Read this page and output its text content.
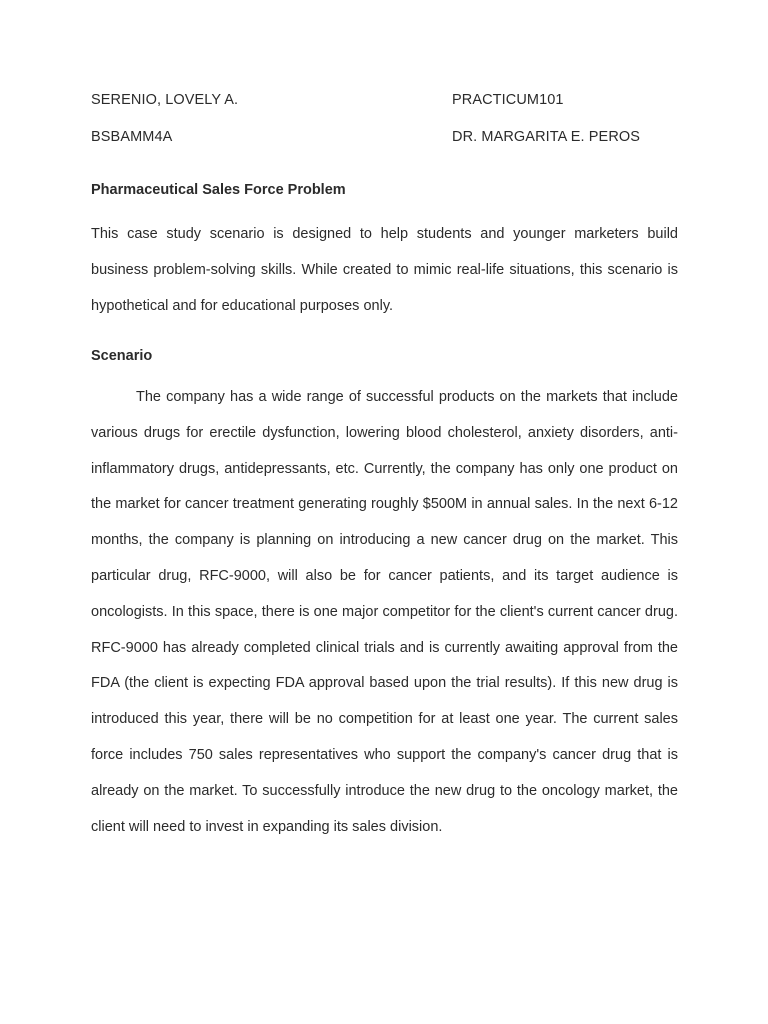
SERENIO, LOVELY A.	PRACTICUM101
BSBAMM4A	DR. MARGARITA E. PEROS
Pharmaceutical Sales Force Problem

This case study scenario is designed to help students and younger marketers build business problem-solving skills. While created to mimic real-life situations, this scenario is hypothetical and for educational purposes only.

Scenario

The company has a wide range of successful products on the markets that include various drugs for erectile dysfunction, lowering blood cholesterol, anxiety disorders, anti-inflammatory drugs, antidepressants, etc. Currently, the company has only one product on the market for cancer treatment generating roughly $500M in annual sales. In the next 6-12 months, the company is planning on introducing a new cancer drug on the market. This particular drug, RFC-9000, will also be for cancer patients, and its target audience is oncologists. In this space, there is one major competitor for the client's current cancer drug. RFC-9000 has already completed clinical trials and is currently awaiting approval from the FDA (the client is expecting FDA approval based upon the trial results). If this new drug is introduced this year, there will be no competition for at least one year. The current sales force includes 750 sales representatives who support the company's cancer drug that is already on the market. To successfully introduce the new drug to the oncology market, the client will need to invest in expanding its sales division.
